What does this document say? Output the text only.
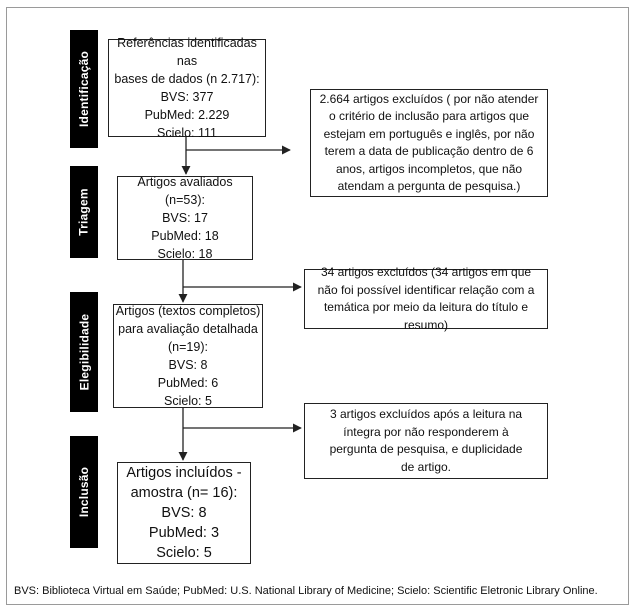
Identificação
Triagem
Elegibilidade
Inclusão
Referências identificadas nas
bases de dados (n 2.717):
BVS: 377
PubMed: 2.229
Scielo: 111
Artigos avaliados (n=53):
BVS: 17
PubMed: 18
Scielo: 18
Artigos (textos completos)
para avaliação detalhada
(n=19):
BVS: 8
PubMed: 6
Scielo: 5
Artigos incluídos -
amostra (n= 16):
BVS: 8
PubMed: 3
Scielo: 5
2.664 artigos excluídos ( por não atender o critério de inclusão para artigos que estejam em português e inglês, por não terem a data de publicação dentro de 6 anos, artigos incompletos, que não atendam a pergunta de pesquisa.)
34 artigos excluídos (34 artigos em que não foi possível identificar relação com a temática por meio da leitura do título e resumo)
3 artigos excluídos após a leitura na íntegra por não responderem à pergunta de pesquisa, e duplicidade de artigo.
BVS: Biblioteca Virtual em Saúde; PubMed: U.S. National Library of Medicine; Scielo: Scientific Eletronic Library Online.
